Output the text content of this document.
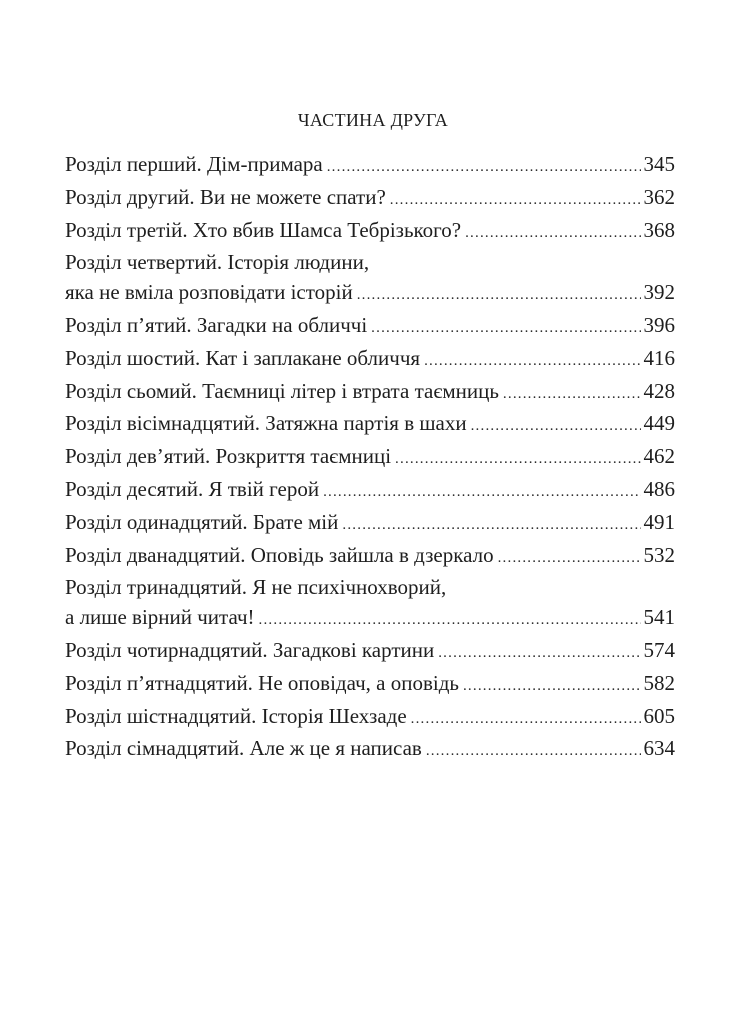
ЧАСТИНА ДРУГА
Розділ перший. Дім-примара .....	345
Розділ другий. Ви не можете спати? .....	362
Розділ третій. Хто вбив Шамса Тебрізького? .....	368
Розділ четвертий. Історія людини,
яка не вміла розповідати історій .....	392
Розділ п’ятий. Загадки на обличчі .....	396
Розділ шостий. Кат і заплакане обличчя .....	416
Розділ сьомий. Таємниці літер і втрата таємниць .....	428
Розділ вісімнадцятий. Затяжна партія в шахи .....	449
Розділ дев’ятий. Розкриття таємниці .....	462
Розділ десятий. Я твій герой .....	486
Розділ одинадцятий. Брате мій .....	491
Розділ дванадцятий. Оповідь зайшла в дзеркало .....	532
Розділ тринадцятий. Я не психічнохворий,
а лише вірний читач! .....	541
Розділ чотирнадцятий. Загадкові картини .....	574
Розділ п’ятнадцятий. Не оповідач, а оповідь .....	582
Розділ шістнадцятий. Історія Шехзаде .....	605
Розділ сімнадцятий. Але ж це я написав .....	634
